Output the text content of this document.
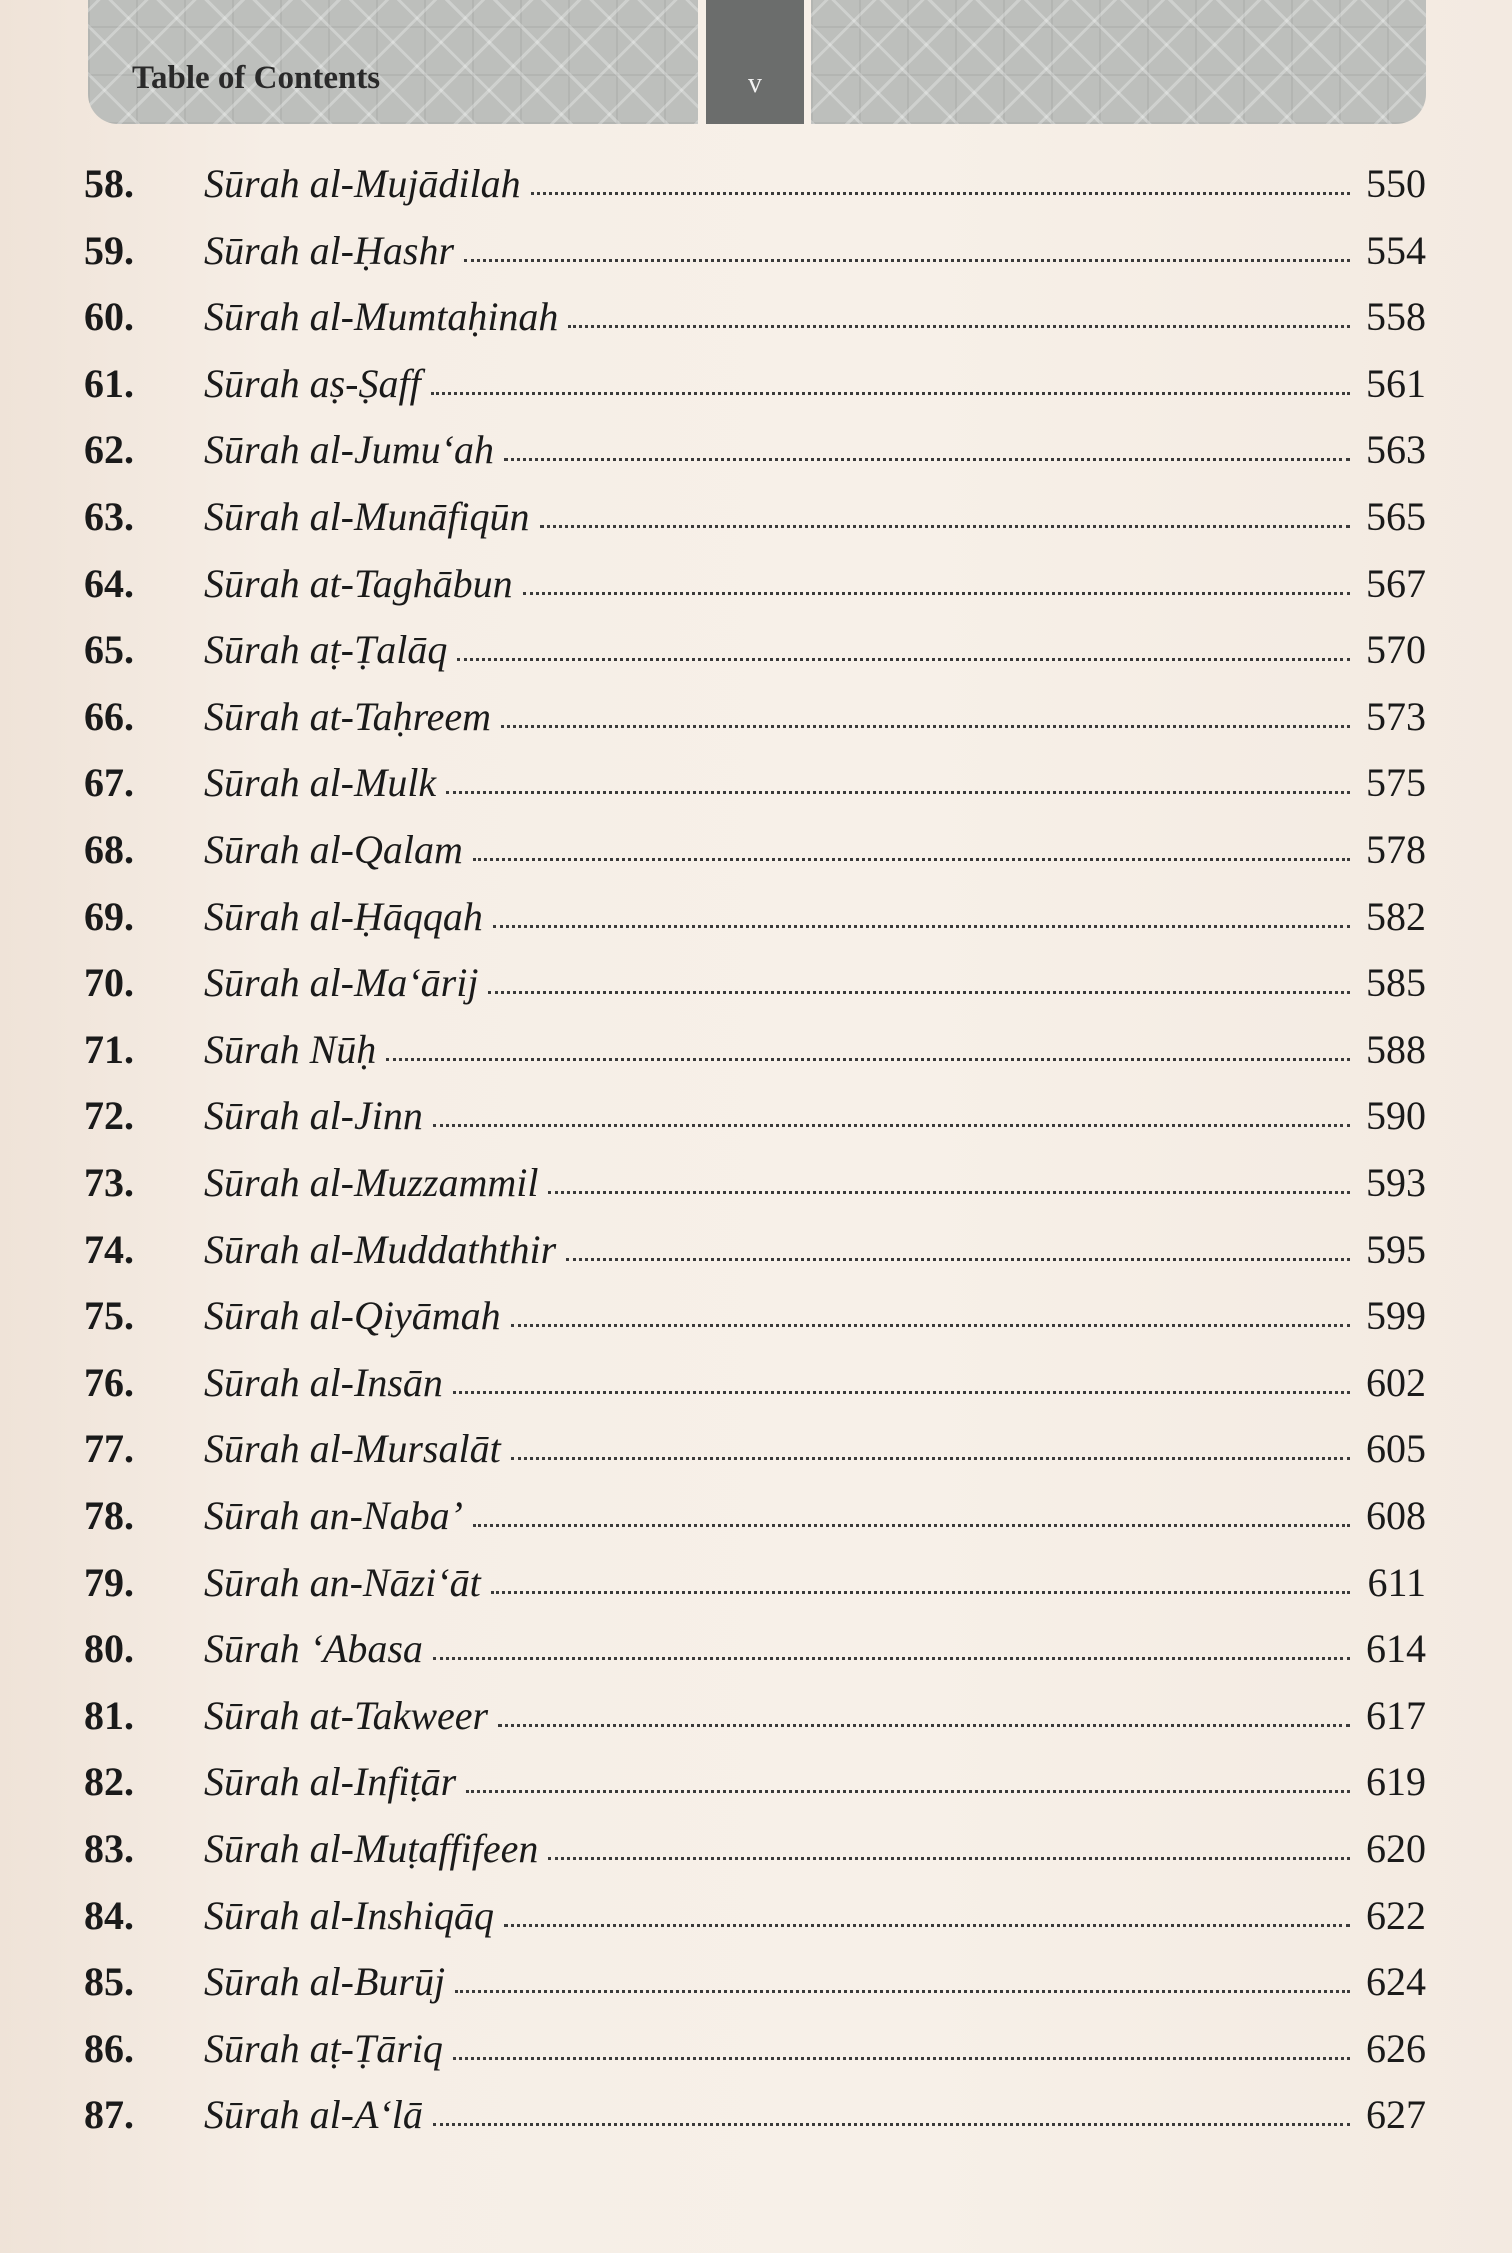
v
Table of Contents
58.	Sūrah al-Mujādilah	550
59.	Sūrah al-Ḥashr	554
60.	Sūrah al-Mumtaḥinah	558
61.	Sūrah aṣ-Ṣaff	561
62.	Sūrah al-Jumu‘ah	563
63.	Sūrah al-Munāfiqūn	565
64.	Sūrah at-Taghābun	567
65.	Sūrah aṭ-Ṭalāq	570
66.	Sūrah at-Taḥreem	573
67.	Sūrah al-Mulk	575
68.	Sūrah al-Qalam	578
69.	Sūrah al-Ḥāqqah	582
70.	Sūrah al-Ma‘ārij	585
71.	Sūrah Nūḥ	588
72.	Sūrah al-Jinn	590
73.	Sūrah al-Muzzammil	593
74.	Sūrah al-Muddaththir	595
75.	Sūrah al-Qiyāmah	599
76.	Sūrah al-Insān	602
77.	Sūrah al-Mursalāt	605
78.	Sūrah an-Naba’	608
79.	Sūrah an-Nāzi‘āt	611
80.	Sūrah ‘Abasa	614
81.	Sūrah at-Takweer	617
82.	Sūrah al-Infiṭār	619
83.	Sūrah al-Muṭaffifeen	620
84.	Sūrah al-Inshiqāq	622
85.	Sūrah al-Burūj	624
86.	Sūrah aṭ-Ṭāriq	626
87.	Sūrah al-A‘lā	627
